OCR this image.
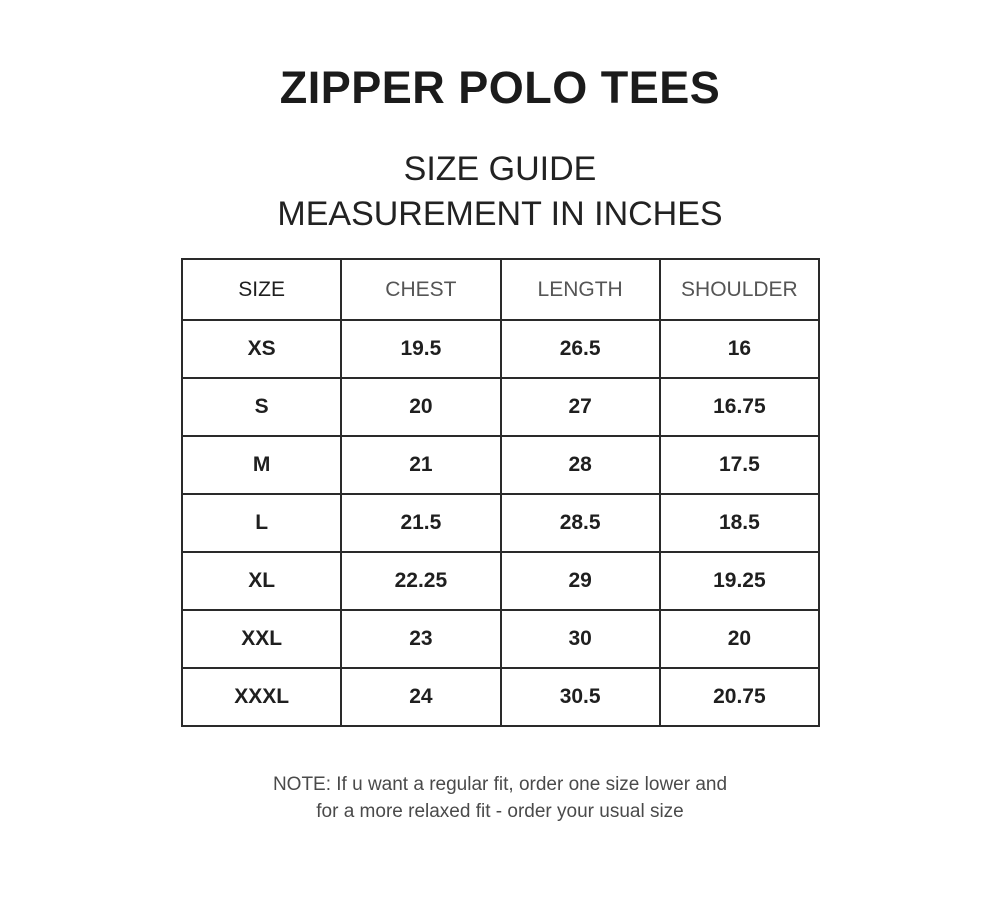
ZIPPER POLO TEES
SIZE GUIDE
MEASUREMENT IN INCHES
SIZE	CHEST	LENGTH	SHOULDER
XS	19.5	26.5	16
S	20	27	16.75
M	21	28	17.5
L	21.5	28.5	18.5
XL	22.25	29	19.25
XXL	23	30	20
XXXL	24	30.5	20.75
NOTE: If u want a regular fit, order one size lower and
for a more relaxed fit - order your usual size
